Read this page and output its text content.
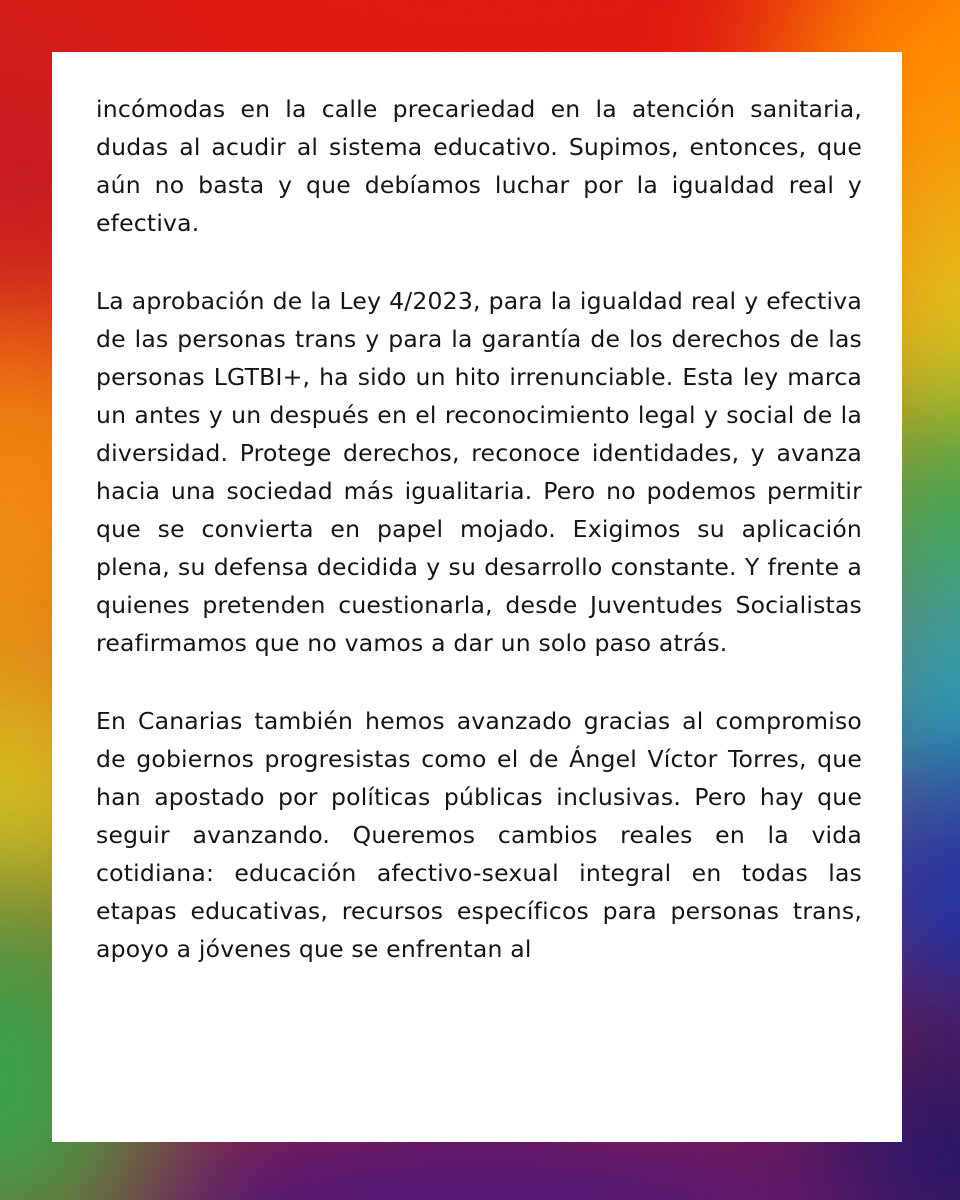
incómodas en la calle precariedad en la atención sanitaria, dudas al acudir al sistema educativo. Supimos, entonces, que aún no basta y que debíamos luchar por la igualdad real y efectiva.

La aprobación de la Ley 4/2023, para la igualdad real y efectiva de las personas trans y para la garantía de los derechos de las personas LGTBI+, ha sido un hito irrenunciable. Esta ley marca un antes y un después en el reconocimiento legal y social de la diversidad. Protege derechos, reconoce identidades, y avanza hacia una sociedad más igualitaria. Pero no podemos permitir que se convierta en papel mojado. Exigimos su aplicación plena, su defensa decidida y su desarrollo constante. Y frente a quienes pretenden cuestionarla, desde Juventudes Socialistas reafirmamos que no vamos a dar un solo paso atrás.

En Canarias también hemos avanzado gracias al compromiso de gobiernos progresistas como el de Ángel Víctor Torres, que han apostado por políticas públicas inclusivas. Pero hay que seguir avanzando. Queremos cambios reales en la vida cotidiana: educación afectivo-sexual integral en todas las etapas educativas, recursos específicos para personas trans, apoyo a jóvenes que se enfrentan al
